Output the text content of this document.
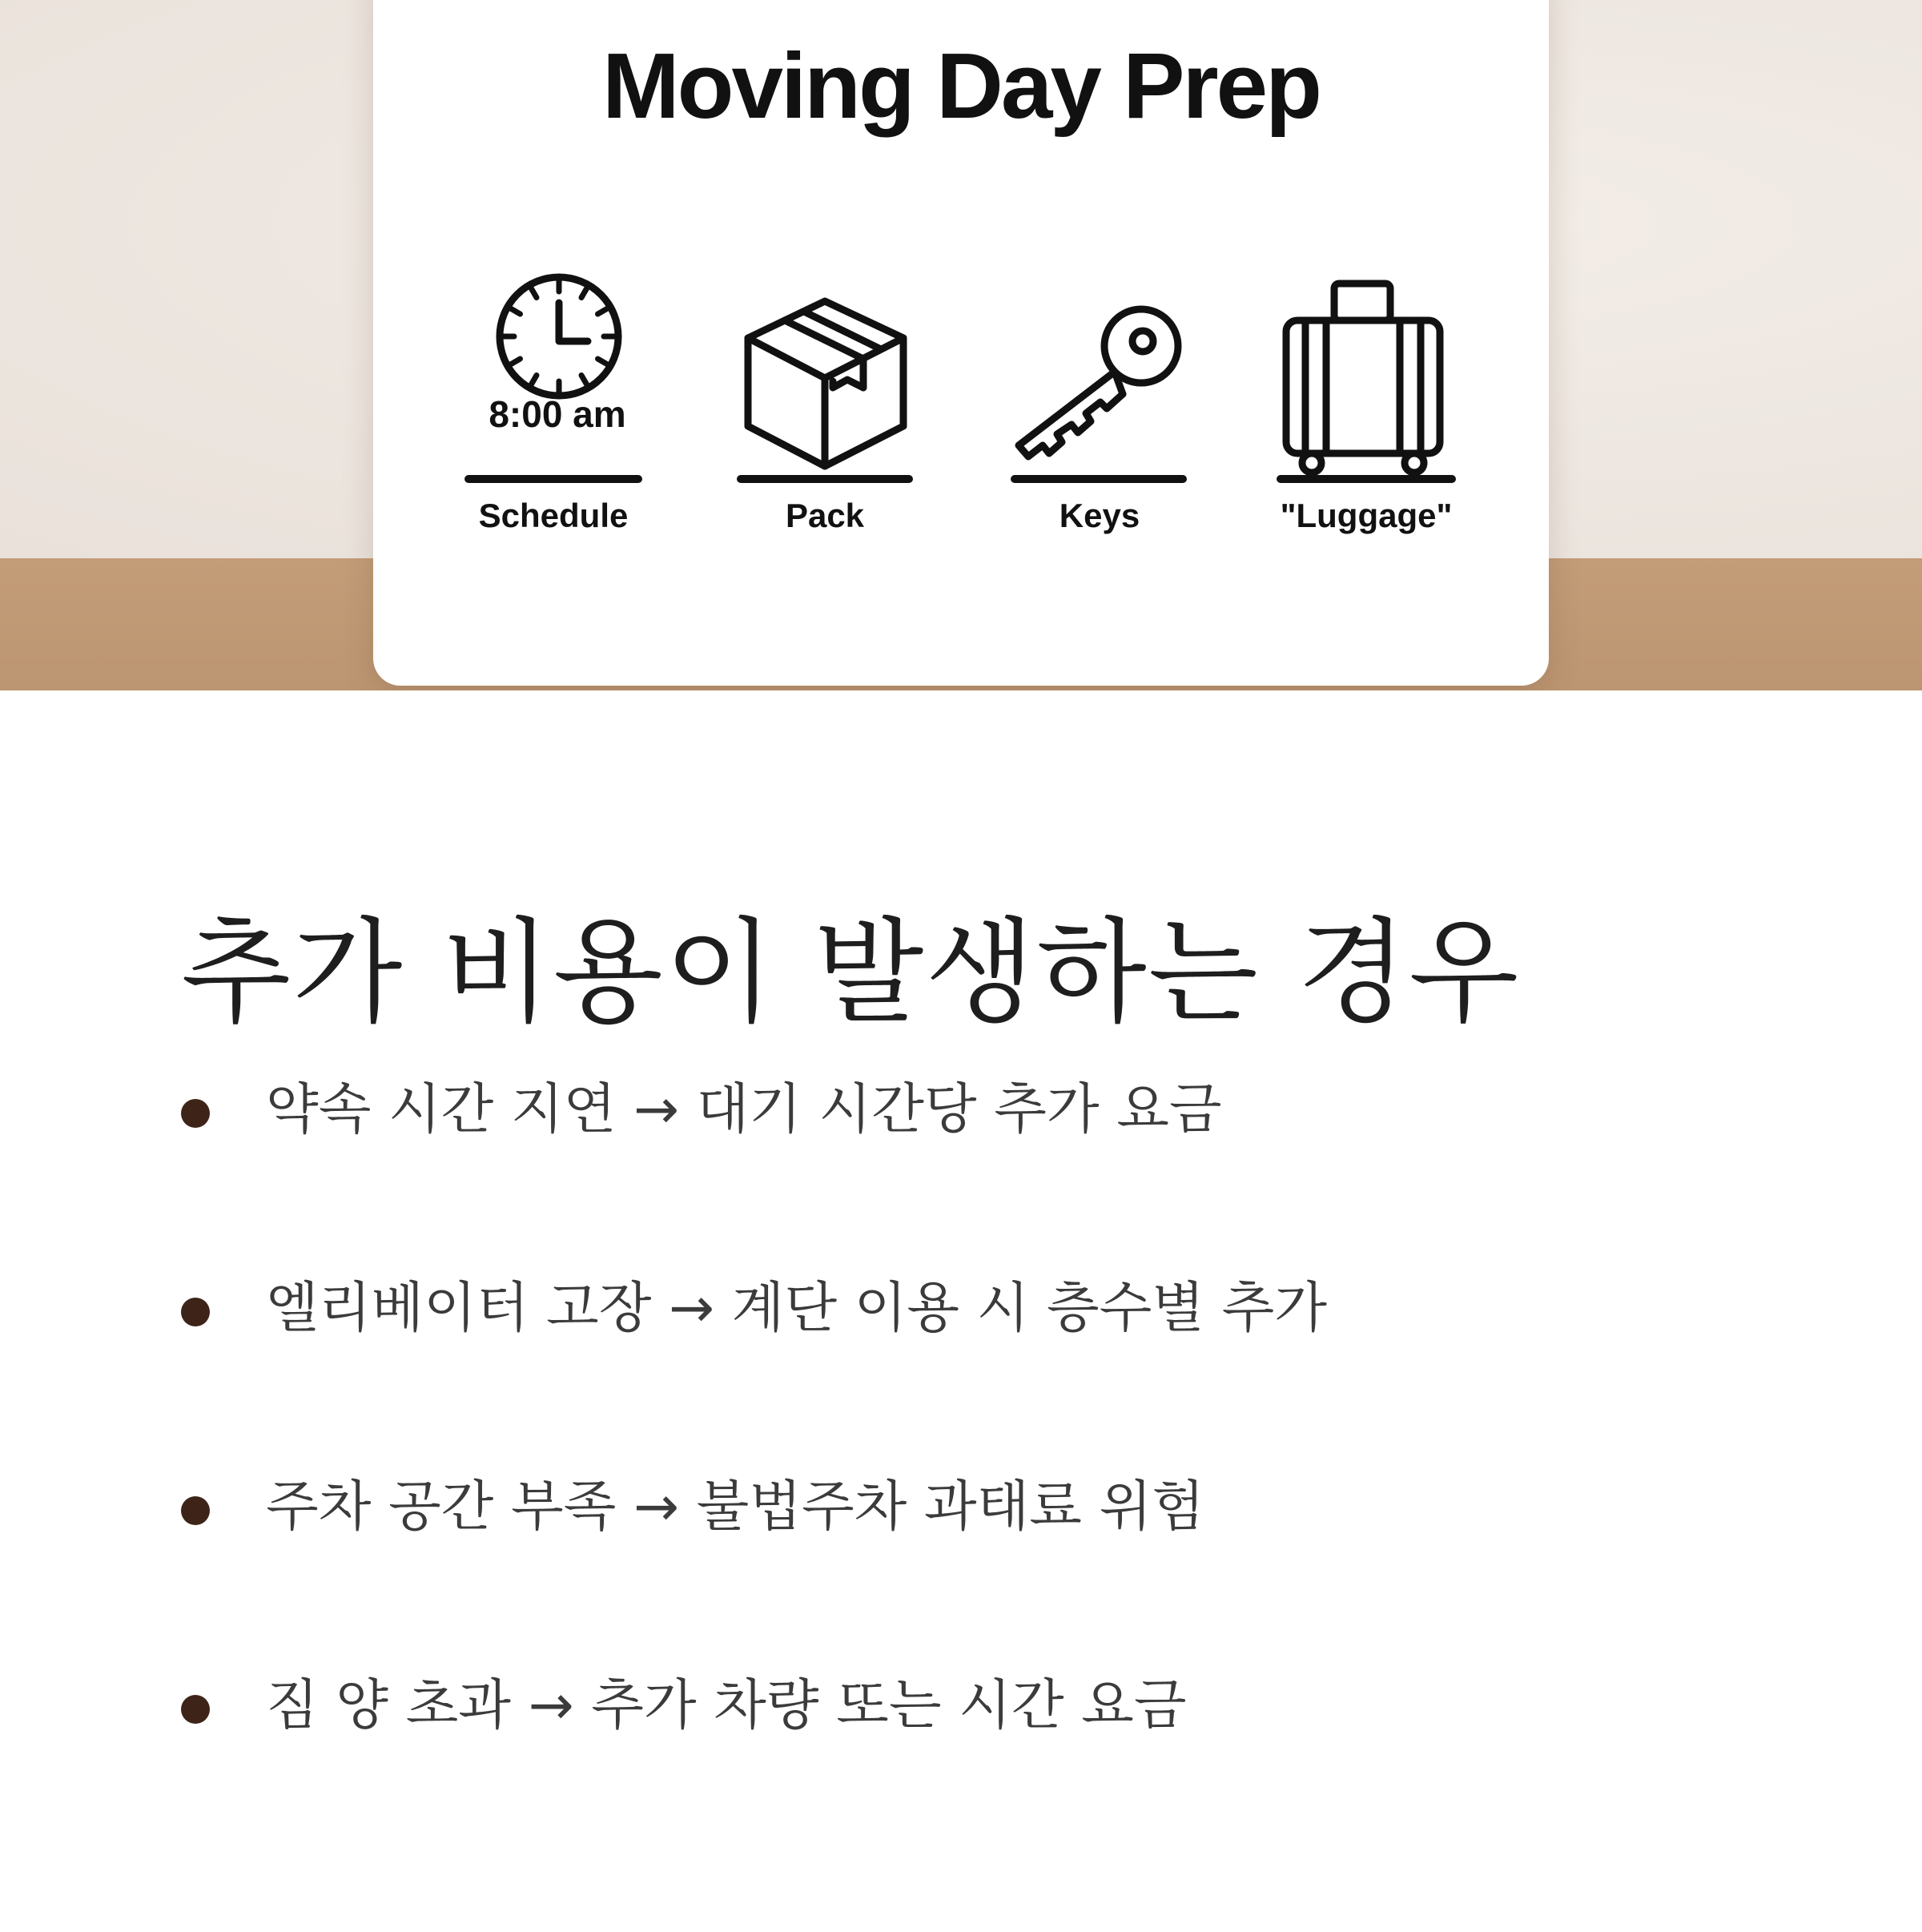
Moving Day Prep
8:00 am
Schedule	Pack	Keys	"Luggage"
추가 비용이 발생하는 경우
약속 시간 지연 → 대기 시간당 추가 요금
엘리베이터 고장 → 계단 이용 시 층수별 추가
주차 공간 부족 → 불법주차 과태료 위험
짐 양 초과 → 추가 차량 또는 시간 요금
